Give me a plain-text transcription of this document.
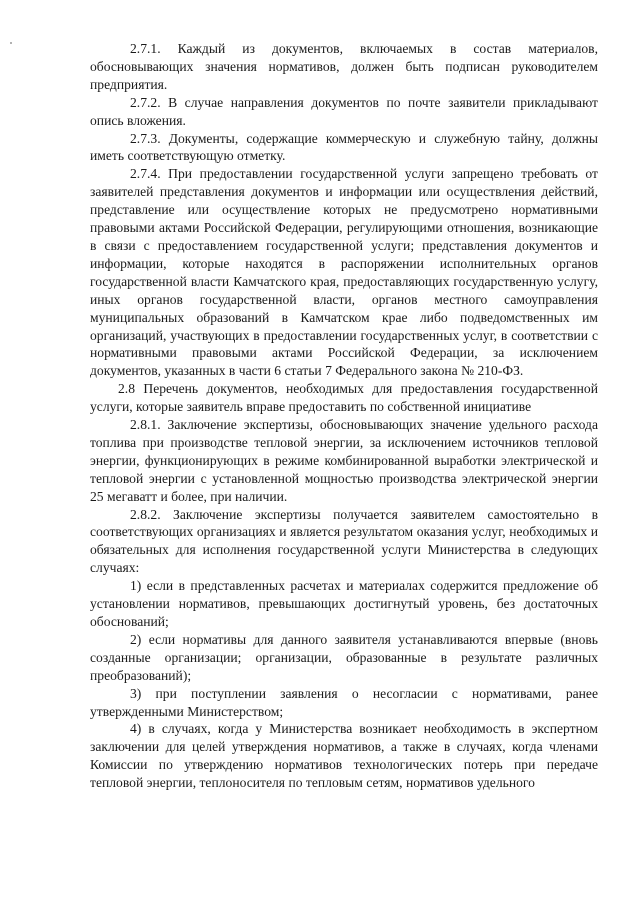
2.7.1. Каждый из документов, включаемых в состав материалов, обосновывающих значения нормативов, должен быть подписан руководителем предприятия.

2.7.2. В случае направления документов по почте заявители прикладывают опись вложения.

2.7.3. Документы, содержащие коммерческую и служебную тайну, должны иметь соответствующую отметку.

2.7.4. При предоставлении государственной услуги запрещено требовать от заявителей представления документов и информации или осуществления действий, представление или осуществление которых не предусмотрено нормативными правовыми актами Российской Федерации, регулирующими отношения, возникающие в связи с предоставлением государственной услуги; представления документов и информации, которые находятся в распоряжении исполнительных органов государственной власти Камчатского края, предоставляющих государственную услугу, иных органов государственной власти, органов местного самоуправления муниципальных образований в Камчатском крае либо подведомственных им организаций, участвующих в предоставлении государственных услуг, в соответствии с нормативными правовыми актами Российской Федерации, за исключением документов, указанных в части 6 статьи 7 Федерального закона № 210-ФЗ.

2.8 Перечень документов, необходимых для предоставления государственной услуги, которые заявитель вправе предоставить по собственной инициативе

2.8.1. Заключение экспертизы, обосновывающих значение удельного расхода топлива при производстве тепловой энергии, за исключением источников тепловой энергии, функционирующих в режиме комбинированной выработки электрической и тепловой энергии с установленной мощностью производства электрической энергии 25 мегаватт и более, при наличии.

2.8.2. Заключение экспертизы получается заявителем самостоятельно в соответствующих организациях и является результатом оказания услуг, необходимых и обязательных для исполнения государственной услуги Министерства в следующих случаях:

1) если в представленных расчетах и материалах содержится предложение об установлении нормативов, превышающих достигнутый уровень, без достаточных обоснований;

2) если нормативы для данного заявителя устанавливаются впервые (вновь созданные организации; организации, образованные в результате различных преобразований);

3) при поступлении заявления о несогласии с нормативами, ранее утвержденными Министерством;

4) в случаях, когда у Министерства возникает необходимость в экспертном заключении для целей утверждения нормативов, а также в случаях, когда членами Комиссии по утверждению нормативов технологических потерь при передаче тепловой энергии, теплоносителя по тепловым сетям, нормативов удельного
